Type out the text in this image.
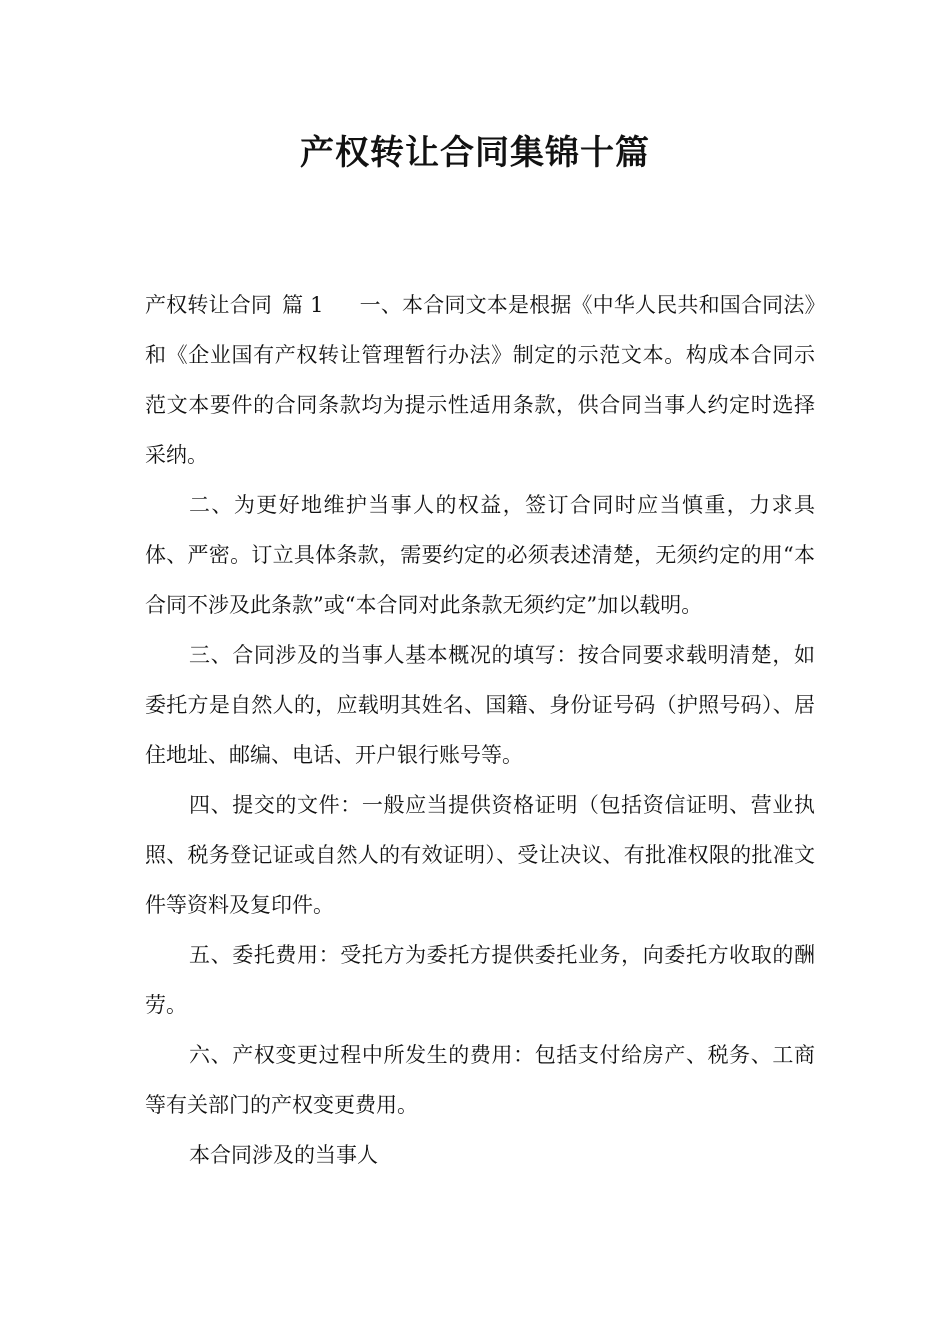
产权转让合同集锦十篇

产权转让合同 篇 1 一、本合同文本是根据《中华人民共和国合同法》和《企业国有产权转让管理暂行办法》制定的示范文本。构成本合同示范文本要件的合同条款均为提示性适用条款，供合同当事人约定时选择采纳。

二、为更好地维护当事人的权益，签订合同时应当慎重，力求具体、严密。订立具体条款，需要约定的必须表述清楚，无须约定的用“本合同不涉及此条款”或“本合同对此条款无须约定”加以载明。

三、合同涉及的当事人基本概况的填写：按合同要求载明清楚，如委托方是自然人的，应载明其姓名、国籍、身份证号码（护照号码）、居住地址、邮编、电话、开户银行账号等。

四、提交的文件：一般应当提供资格证明（包括资信证明、营业执照、税务登记证或自然人的有效证明）、受让决议、有批准权限的批准文件等资料及复印件。

五、委托费用：受托方为委托方提供委托业务，向委托方收取的酬劳。

六、产权变更过程中所发生的费用：包括支付给房产、税务、工商等有关部门的产权变更费用。

本合同涉及的当事人
